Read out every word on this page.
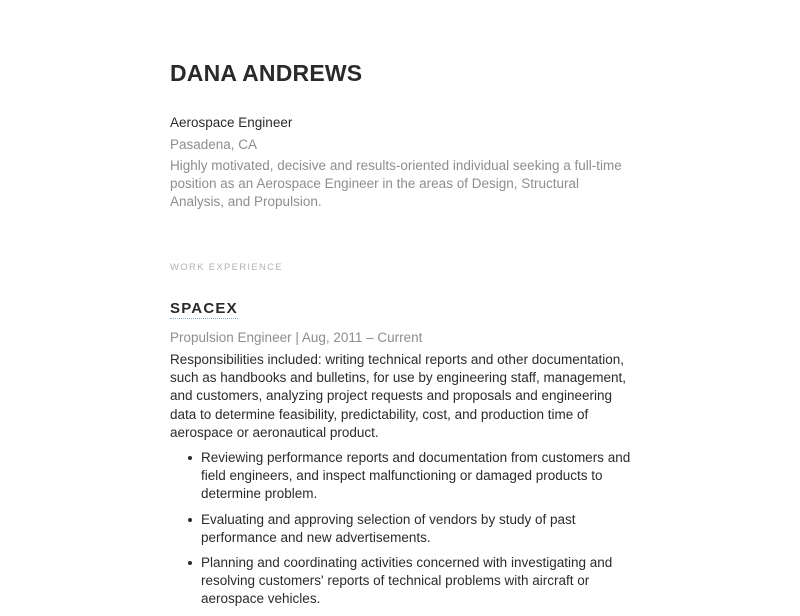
DANA ANDREWS
Aerospace Engineer
Pasadena, CA

Highly motivated, decisive and results-oriented individual seeking a full-time position as an Aerospace Engineer in the areas of Design, Structural Analysis, and Propulsion.

WORK EXPERIENCE
SPACEX
Propulsion Engineer | Aug, 2011 – Current

Responsibilities included: writing technical reports and other documentation, such as handbooks and bulletins, for use by engineering staff, management, and customers, analyzing project requests and proposals and engineering data to determine feasibility, predictability, cost, and production time of aerospace or aeronautical product.

Reviewing performance reports and documentation from customers and field engineers, and inspect malfunctioning or damaged products to determine problem.
Evaluating and approving selection of vendors by study of past performance and new advertisements.
Planning and coordinating activities concerned with investigating and resolving customers' reports of technical problems with aircraft or aerospace vehicles.
